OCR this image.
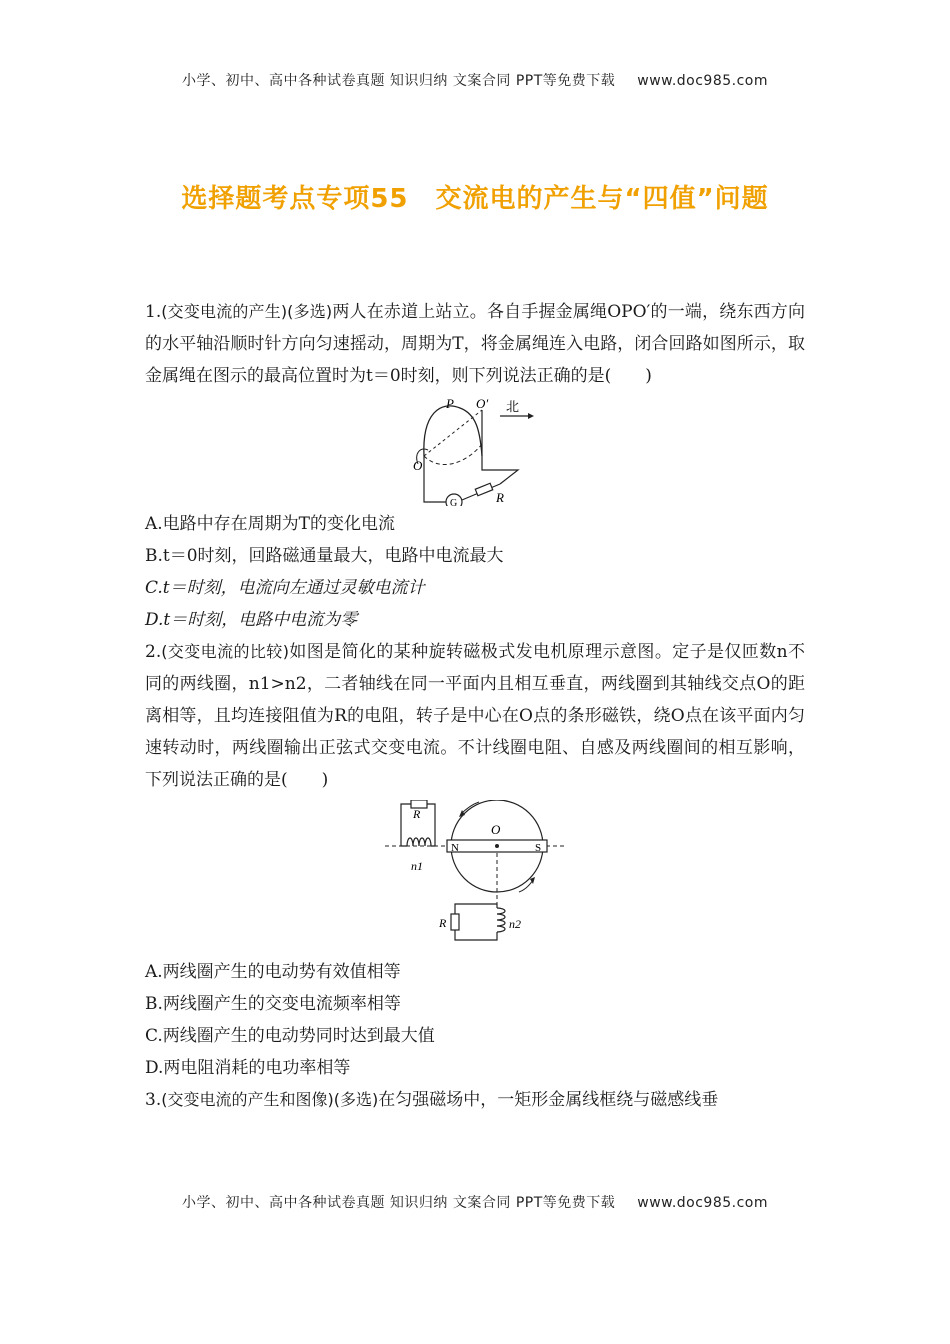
小学、初中、高中各种试卷真题 知识归纳 文案合同 PPT等免费下载 www.doc985.com
选择题考点专项55　交流电的产生与“四值”问题

1.(交变电流的产生)(多选)两人在赤道上站立。各自手握金属绳OPO′的一端，绕东西方向的水平轴沿顺时针方向匀速摇动，周期为T，将金属绳连入电路，闭合回路如图所示，取金属绳在图示的最高位置时为t＝0时刻，则下列说法正确的是(　　)

P O′ 北
O
G	R

A.电路中存在周期为T的变化电流

B.t＝0时刻，回路磁通量最大，电路中电流最大

C.t＝时刻，电流向左通过灵敏电流计

D.t＝时刻，电路中电流为零

2.(交变电流的比较)如图是简化的某种旋转磁极式发电机原理示意图。定子是仅匝数n不同的两线圈，n1>n2，二者轴线在同一平面内且相互垂直，两线圈到其轴线交点O的距离相等，且均连接阻值为R的电阻，转子是中心在O点的条形磁铁，绕O点在该平面内匀速转动时，两线圈输出正弦式交变电流。不计线圈电阻、自感及两线圈间的相互影响，下列说法正确的是(　　)

R
n1
O
N	S
R	n2

A.两线圈产生的电动势有效值相等

B.两线圈产生的交变电流频率相等

C.两线圈产生的电动势同时达到最大值

D.两电阻消耗的电功率相等

3.(交变电流的产生和图像)(多选)在匀强磁场中，一矩形金属线框绕与磁感线垂

小学、初中、高中各种试卷真题 知识归纳 文案合同 PPT等免费下载 www.doc985.com
